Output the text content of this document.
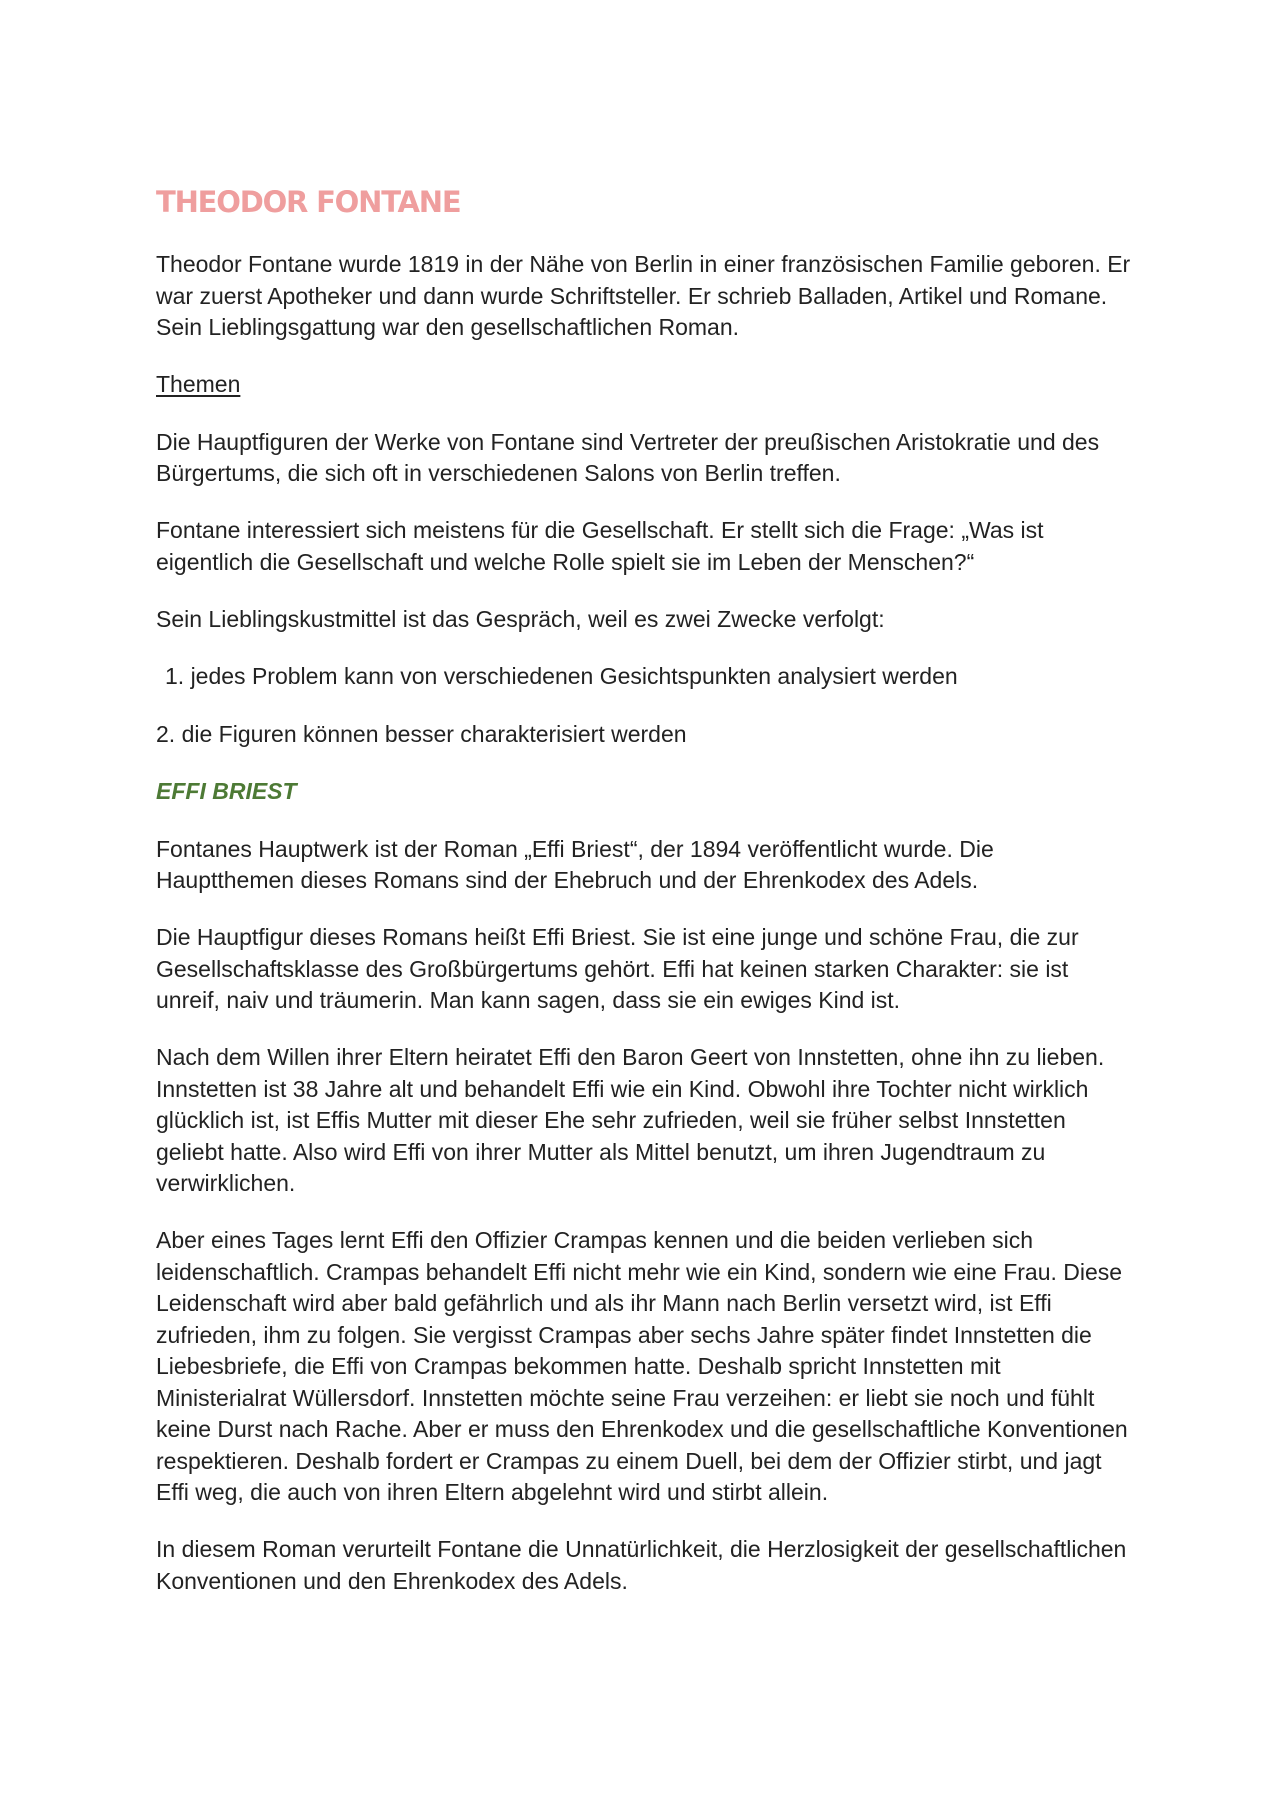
THEODOR FONTANE

Theodor Fontane wurde 1819 in der Nähe von Berlin in einer französischen Familie geboren. Er war zuerst Apotheker und dann wurde Schriftsteller. Er schrieb Balladen, Artikel und Romane. Sein Lieblingsgattung war den gesellschaftlichen Roman.

Themen

Die Hauptfiguren der Werke von Fontane sind Vertreter der preußischen Aristokratie und des Bürgertums, die sich oft in verschiedenen Salons von Berlin treffen.

Fontane interessiert sich meistens für die Gesellschaft. Er stellt sich die Frage: „Was ist eigentlich die Gesellschaft und welche Rolle spielt sie im Leben der Menschen?“

Sein Lieblingskustmittel ist das Gespräch, weil es zwei Zwecke verfolgt:

1. jedes Problem kann von verschiedenen Gesichtspunkten analysiert werden

2. die Figuren können besser charakterisiert werden

EFFI BRIEST

Fontanes Hauptwerk ist der Roman „Effi Briest“, der 1894 veröffentlicht wurde. Die Hauptthemen dieses Romans sind der Ehebruch und der Ehrenkodex des Adels.

Die Hauptfigur dieses Romans heißt Effi Briest. Sie ist eine junge und schöne Frau, die zur Gesellschaftsklasse des Großbürgertums gehört. Effi hat keinen starken Charakter: sie ist unreif, naiv und träumerin. Man kann sagen, dass sie ein ewiges Kind ist.

Nach dem Willen ihrer Eltern heiratet Effi den Baron Geert von Innstetten, ohne ihn zu lieben. Innstetten ist 38 Jahre alt und behandelt Effi wie ein Kind. Obwohl ihre Tochter nicht wirklich glücklich ist, ist Effis Mutter mit dieser Ehe sehr zufrieden, weil sie früher selbst Innstetten geliebt hatte. Also wird Effi von ihrer Mutter als Mittel benutzt, um ihren Jugendtraum zu verwirklichen.

Aber eines Tages lernt Effi den Offizier Crampas kennen und die beiden verlieben sich leidenschaftlich. Crampas behandelt Effi nicht mehr wie ein Kind, sondern wie eine Frau. Diese Leidenschaft wird aber bald gefährlich und als ihr Mann nach Berlin versetzt wird, ist Effi zufrieden, ihm zu folgen. Sie vergisst Crampas aber sechs Jahre später findet Innstetten die Liebesbriefe, die Effi von Crampas bekommen hatte. Deshalb spricht Innstetten mit Ministerialrat Wüllersdorf. Innstetten möchte seine Frau verzeihen: er liebt sie noch und fühlt keine Durst nach Rache. Aber er muss den Ehrenkodex und die gesellschaftliche Konventionen respektieren. Deshalb fordert er Crampas zu einem Duell, bei dem der Offizier stirbt, und jagt Effi weg, die auch von ihren Eltern abgelehnt wird und stirbt allein.

In diesem Roman verurteilt Fontane die Unnatürlichkeit, die Herzlosigkeit der gesellschaftlichen Konventionen und den Ehrenkodex des Adels.
